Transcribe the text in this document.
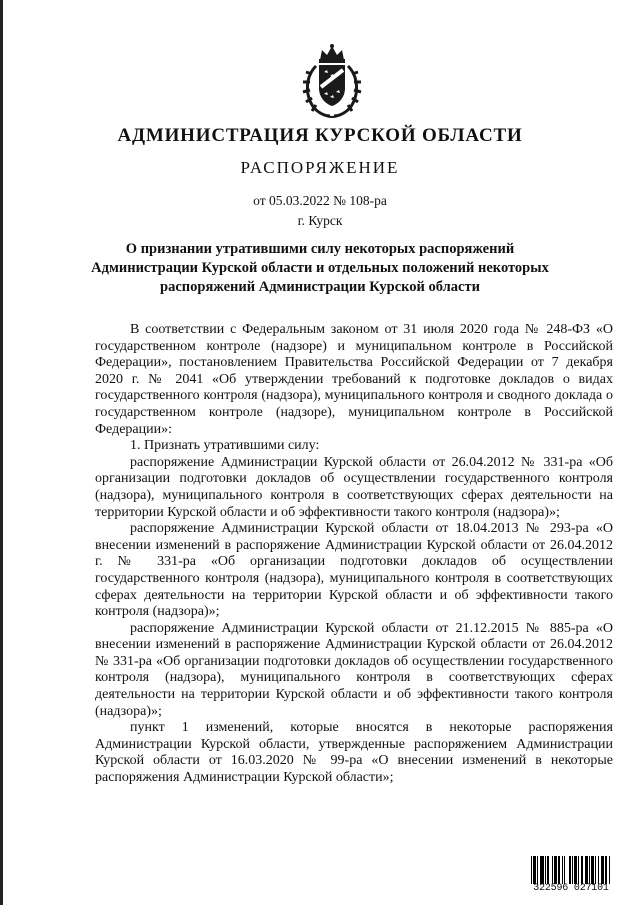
АДМИНИСТРАЦИЯ КУРСКОЙ ОБЛАСТИ
РАСПОРЯЖЕНИЕ
от 05.03.2022 № 108-ра
г. Курск
О признании утратившими силу некоторых распоряжений
Администрации Курской области и отдельных положений некоторых
распоряжений Администрации Курской области

В соответствии с Федеральным законом от 31 июля 2020 года № 248-ФЗ «О государственном контроле (надзоре) и муниципальном контроле в Российской Федерации», постановлением Правительства Российской Федерации от 7 декабря 2020 г. № 2041 «Об утверждении требований к подготовке докладов о видах государственного контроля (надзора), муниципального контроля и сводного доклада о государственном контроле (надзоре), муниципальном контроле в Российской Федерации»:

1. Признать утратившими силу:

распоряжение Администрации Курской области от 26.04.2012 № 331-ра «Об организации подготовки докладов об осуществлении государственного контроля (надзора), муниципального контроля в соответствующих сферах деятельности на территории Курской области и об эффективности такого контроля (надзора)»;

распоряжение Администрации Курской области от 18.04.2013 № 293-ра «О внесении изменений в распоряжение Администрации Курской области от 26.04.2012 г. № 331-ра «Об организации подготовки докладов об осуществлении государственного контроля (надзора), муниципального контроля в соответствующих сферах деятельности на территории Курской области и об эффективности такого контроля (надзора)»;

распоряжение Администрации Курской области от 21.12.2015 № 885-ра «О внесении изменений в распоряжение Администрации Курской области от 26.04.2012 № 331-ра «Об организации подготовки докладов об осуществлении государственного контроля (надзора), муниципального контроля в соответствующих сферах деятельности на территории Курской области и об эффективности такого контроля (надзора)»;

пункт 1 изменений, которые вносятся в некоторые распоряжения Администрации Курской области, утвержденные распоряжением Администрации Курской области от 16.03.2020 № 99-ра «О внесении изменений в некоторые распоряжения Администрации Курской области»;

322596 027101
